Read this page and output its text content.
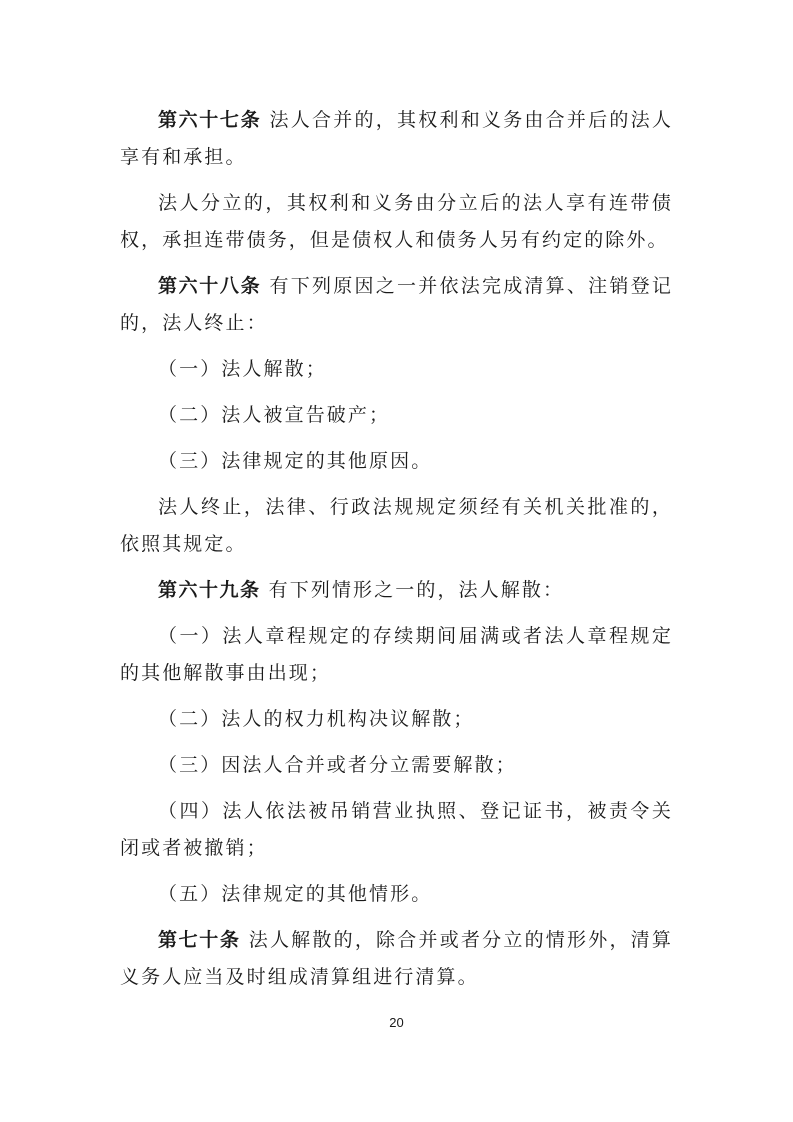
第六十七条 法人合并的，其权利和义务由合并后的法人享有和承担。

法人分立的，其权利和义务由分立后的法人享有连带债权，承担连带债务，但是债权人和债务人另有约定的除外。

第六十八条 有下列原因之一并依法完成清算、注销登记的，法人终止：

（一）法人解散；

（二）法人被宣告破产；

（三）法律规定的其他原因。

法人终止，法律、行政法规规定须经有关机关批准的，依照其规定。

第六十九条 有下列情形之一的，法人解散：

（一）法人章程规定的存续期间届满或者法人章程规定的其他解散事由出现；

（二）法人的权力机构决议解散；

（三）因法人合并或者分立需要解散；

（四）法人依法被吊销营业执照、登记证书，被责令关闭或者被撤销；

（五）法律规定的其他情形。

第七十条 法人解散的，除合并或者分立的情形外，清算义务人应当及时组成清算组进行清算。

20
